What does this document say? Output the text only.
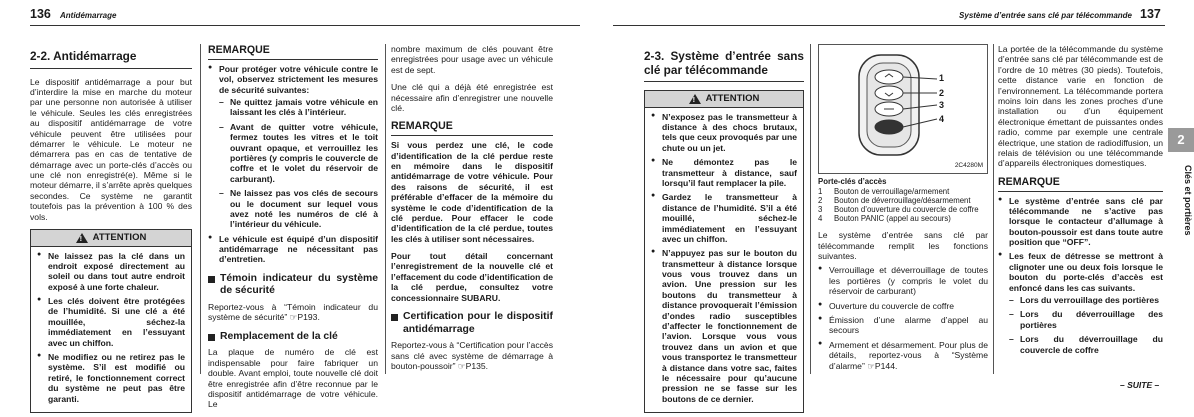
136 Antidémarrage	Système d’entrée sans clé par télécommande 137
2-2. Antidémarrage

Le dispositif antidémarrage a pour but d’interdire la mise en marche du moteur par une personne non autorisée à utiliser le véhicule. Seules les clés enregistrées au dispositif antidémarrage de votre véhicule peuvent être utilisées pour démarrer le véhicule. Le moteur ne démarrera pas en cas de tentative de démarrage avec un porte-clés d’accès ou une clé non enregistré(e). Même si le moteur démarre, il s’arrête après quelques secondes. Ce système ne garantit toutefois pas la prévention à 100 % des vols.

!
ATTENTION
● Ne laissez pas la clé dans un endroit exposé directement au soleil ou dans tout autre endroit exposé à une forte chaleur.
● Les clés doivent être protégées de l’humidité. Si une clé a été mouillée, séchez-la immédiatement en l’essuyant avec un chiffon.
● Ne modifiez ou ne retirez pas le système. S’il est modifié ou retiré, le fonctionnement correct du système ne peut pas être garanti.
REMARQUE
● Pour protéger votre véhicule contre le vol, observez strictement les mesures de sécurité suivantes:
– Ne quittez jamais votre véhicule en laissant les clés à l’intérieur.
– Avant de quitter votre véhicule, fermez toutes les vitres et le toit ouvrant opaque, et verrouillez les portières (y compris le couvercle de coffre et le volet du réservoir de carburant).
– Ne laissez pas vos clés de secours ou le document sur lequel vous avez noté les numéros de clé à l’intérieur du véhicule.
● Le véhicule est équipé d’un dispositif antidémarrage ne nécessitant pas d’entretien.
Témoin indicateur du système de sécurité

Reportez-vous à “Témoin indicateur du système de sécurité” ☞P193.

Remplacement de la clé

La plaque de numéro de clé est indispensable pour faire fabriquer un double. Avant emploi, toute nouvelle clé doit être enregistrée afin d’être reconnue par le dispositif antidémarrage de votre véhicule. Le

nombre maximum de clés pouvant être enregistrées pour usage avec un véhicule est de sept.

Une clé qui a déjà été enregistrée est nécessaire afin d’enregistrer une nouvelle clé.

REMARQUE

Si vous perdez une clé, le code d’identification de la clé perdue reste en mémoire dans le dispositif antidémarrage de votre véhicule. Pour des raisons de sécurité, il est préférable d’effacer de la mémoire du système le code d’identification de la clé perdue. Pour effacer le code d’identification de la clé perdue, toutes les clés à utiliser sont nécessaires.

Pour tout détail concernant l’enregistrement de la nouvelle clé et l’effacement du code d’identification de la clé perdue, consultez votre concessionnaire SUBARU.

Certification pour le dispositif antidémarrage

Reportez-vous à “Certification pour l’accès sans clé avec système de démarrage à bouton-poussoir” ☞P135.

2-3. Système d’entrée sans clé par télécommande
!
ATTENTION
● N’exposez pas le transmetteur à distance à des chocs brutaux, tels que ceux provoqués par une chute ou un jet.
● Ne démontez pas le transmetteur à distance, sauf lorsqu’il faut remplacer la pile.
● Gardez le transmetteur à distance de l’humidité. S’il a été mouillé, séchez-le immédiatement en l’essuyant avec un chiffon.
● N’appuyez pas sur le bouton du transmetteur à distance lorsque vous vous trouvez dans un avion. Une pression sur les boutons du transmetteur à distance provoquerait l’émission d’ondes radio susceptibles d’affecter le fonctionnement de l’avion. Lorsque vous vous trouvez dans un avion et que vous transportez le transmetteur à distance dans votre sac, faites le nécessaire pour qu’aucune pression ne se fasse sur les boutons de ce dernier.
1
2
3
4
2C4280M
Porte-clés d’accès
1	Bouton de verrouillage/armement
2	Bouton de déverrouillage/désarmement
3	Bouton d’ouverture du couvercle de coffre
4	Bouton PANIC (appel au secours)

Le système d’entrée sans clé par télécommande remplit les fonctions suivantes.

● Verrouillage et déverrouillage de toutes les portières (y compris le volet du réservoir de carburant)
● Ouverture du couvercle de coffre
● Émission d’une alarme d’appel au secours
● Armement et désarmement. Pour plus de détails, reportez-vous à “Système d’alarme” ☞P144.

La portée de la télécommande du système d’entrée sans clé par télécommande est de l’ordre de 10 mètres (30 pieds). Toutefois, cette distance varie en fonction de l’environnement. La télécommande portera moins loin dans les zones proches d’une installation ou d’un équipement électronique émettant de puissantes ondes radio, comme par exemple une centrale électrique, une station de radiodiffusion, un relais de télévision ou une télécommande d’appareils électroniques domestiques.

REMARQUE
● Le système d’entrée sans clé par télécommande ne s’active pas lorsque le contacteur d’allumage à bouton-poussoir est dans toute autre position que “OFF”.
● Les feux de détresse se mettront à clignoter une ou deux fois lorsque le bouton du porte-clés d’accès est enfoncé dans les cas suivants.
– Lors du verrouillage des portières
– Lors du déverrouillage des portières
– Lors du déverrouillage du couvercle de coffre
2
Clés et portières
– SUITE –
